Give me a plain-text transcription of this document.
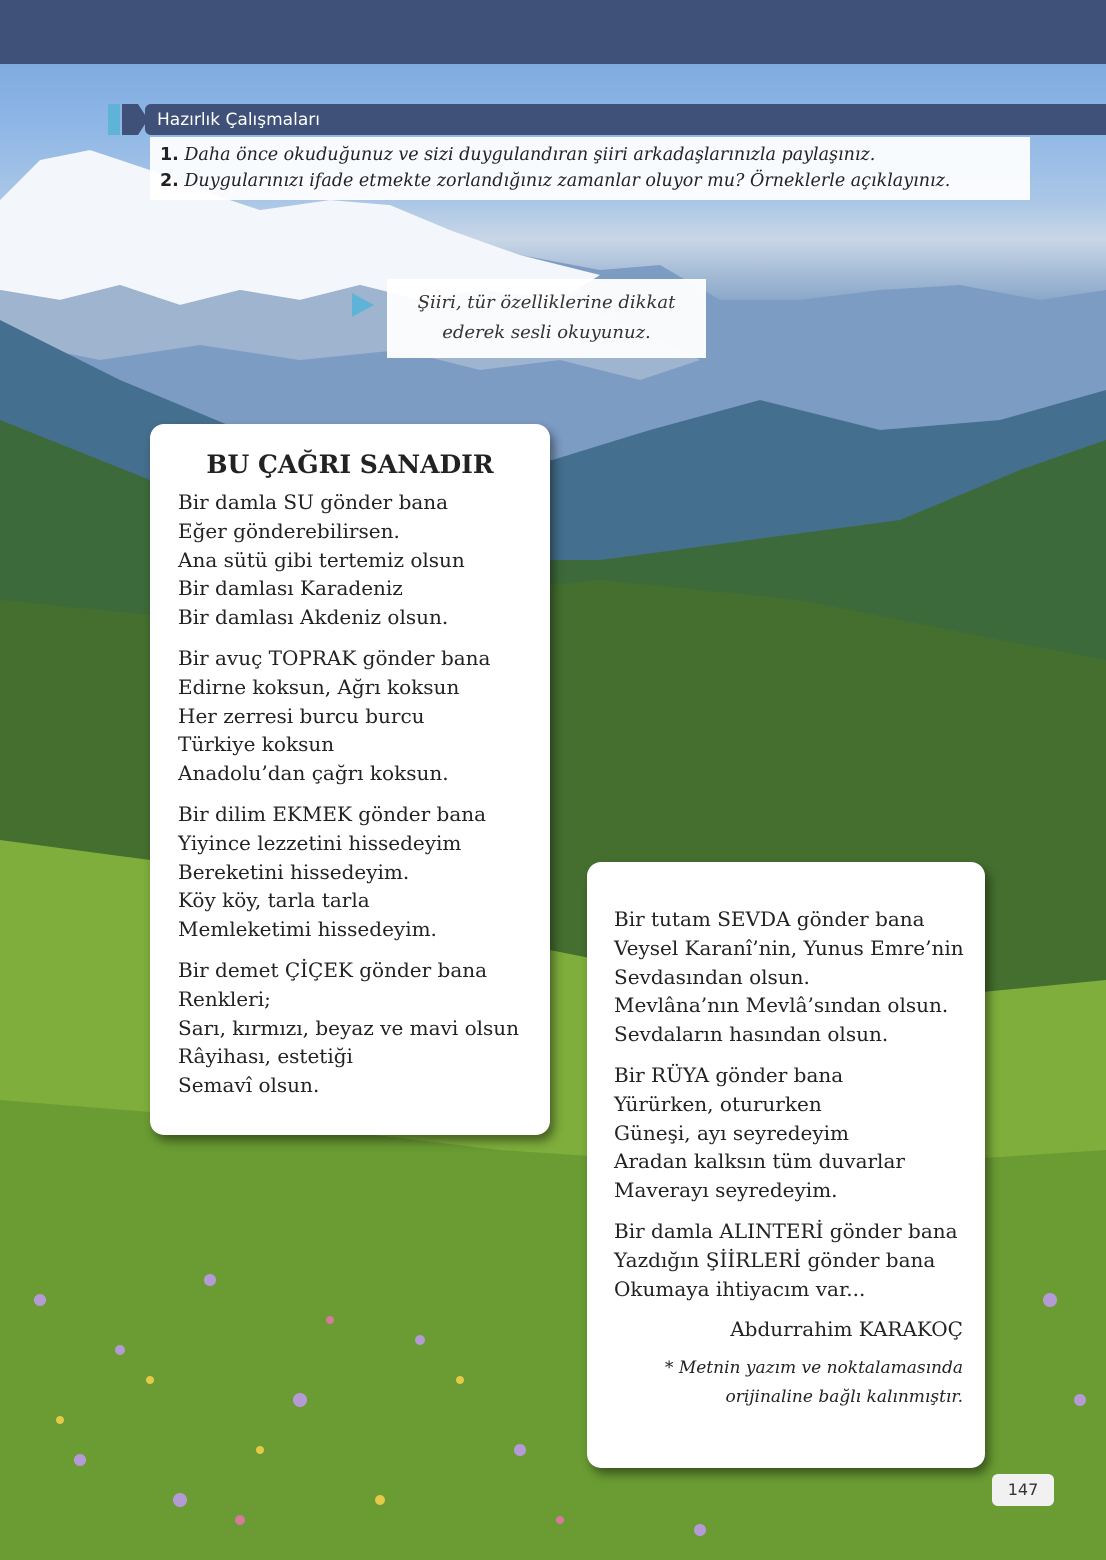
Hazırlık Çalışmaları
1. Daha önce okuduğunuz ve sizi duygulandıran şiiri arkadaşlarınızla paylaşınız.
2. Duygularınızı ifade etmekte zorlandığınız zamanlar oluyor mu? Örneklerle açıklayınız.
Şiiri, tür özelliklerine dikkat
ederek sesli okuyunuz.
BU ÇAĞRI SANADIR
Bir damla SU gönder bana
Eğer gönderebilirsen.
Ana sütü gibi tertemiz olsun
Bir damlası Karadeniz
Bir damlası Akdeniz olsun.
Bir avuç TOPRAK gönder bana
Edirne koksun, Ağrı koksun
Her zerresi burcu burcu
Türkiye koksun
Anadolu’dan çağrı koksun.
Bir dilim EKMEK gönder bana
Yiyince lezzetini hissedeyim
Bereketini hissedeyim.
Köy köy, tarla tarla
Memleketimi hissedeyim.
Bir demet ÇİÇEK gönder bana
Renkleri;
Sarı, kırmızı, beyaz ve mavi olsun
Râyihası, estetiği
Semavî olsun.
Bir tutam SEVDA gönder bana
Veysel Karanî’nin, Yunus Emre’nin
Sevdasından olsun.
Mevlâna’nın Mevlâ’sından olsun.
Sevdaların hasından olsun.
Bir RÜYA gönder bana
Yürürken, otururken
Güneşi, ayı seyredeyim
Aradan kalksın tüm duvarlar
Maverayı seyredeyim.
Bir damla ALINTERİ gönder bana
Yazdığın ŞİİRLERİ gönder bana
Okumaya ihtiyacım var...
Abdurrahim KARAKOÇ
* Metnin yazım ve noktalamasında
orijinaline bağlı kalınmıştır.
147
